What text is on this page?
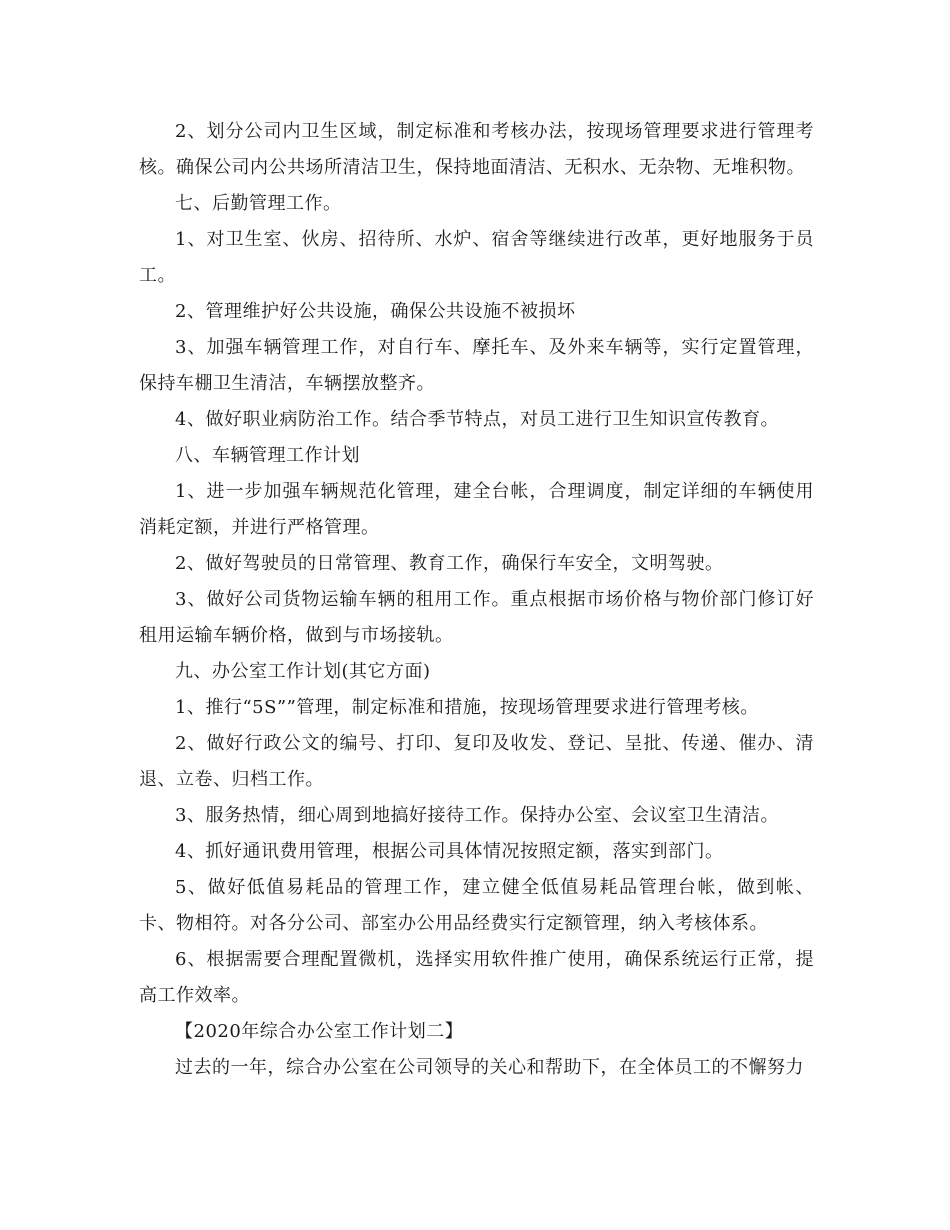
2、划分公司内卫生区域，制定标准和考核办法，按现场管理要求进行管理考核。确保公司内公共场所清洁卫生，保持地面清洁、无积水、无杂物、无堆积物。

七、后勤管理工作。

1、对卫生室、伙房、招待所、水炉、宿舍等继续进行改革，更好地服务于员工。

2、管理维护好公共设施，确保公共设施不被损坏

3、加强车辆管理工作，对自行车、摩托车、及外来车辆等，实行定置管理，保持车棚卫生清洁，车辆摆放整齐。

4、做好职业病防治工作。结合季节特点，对员工进行卫生知识宣传教育。

八、车辆管理工作计划

1、进一步加强车辆规范化管理，建全台帐，合理调度，制定详细的车辆使用消耗定额，并进行严格管理。

2、做好驾驶员的日常管理、教育工作，确保行车安全，文明驾驶。

3、做好公司货物运输车辆的租用工作。重点根据市场价格与物价部门修订好租用运输车辆价格，做到与市场接轨。

九、办公室工作计划(其它方面)

1、推行“5S””管理，制定标准和措施，按现场管理要求进行管理考核。

2、做好行政公文的编号、打印、复印及收发、登记、呈批、传递、催办、清退、立卷、归档工作。

3、服务热情，细心周到地搞好接待工作。保持办公室、会议室卫生清洁。

4、抓好通讯费用管理，根据公司具体情况按照定额，落实到部门。

5、做好低值易耗品的管理工作，建立健全低值易耗品管理台帐，做到帐、卡、物相符。对各分公司、部室办公用品经费实行定额管理，纳入考核体系。

6、根据需要合理配置微机，选择实用软件推广使用，确保系统运行正常，提高工作效率。

【2020年综合办公室工作计划二】

过去的一年，综合办公室在公司领导的关心和帮助下，在全体员工的不懈努力
